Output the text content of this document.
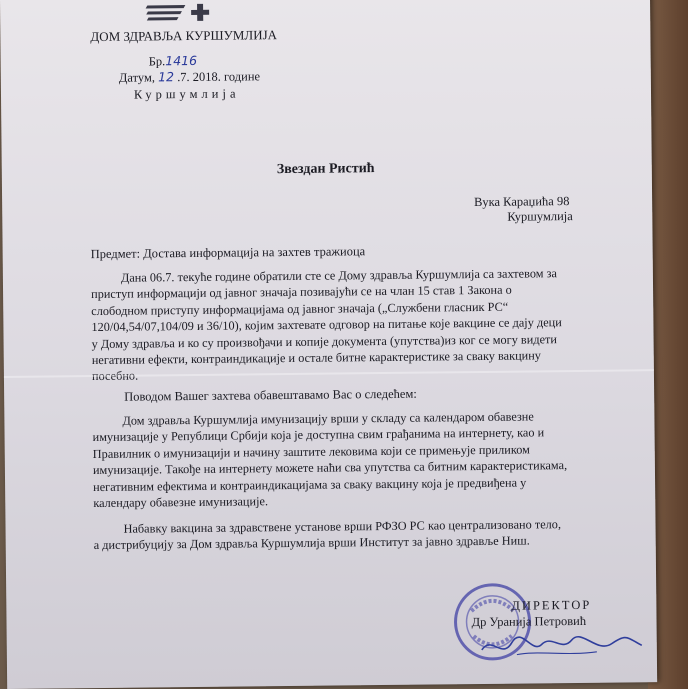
ДОМ ЗДРАВЉА КУРШУМЛИЈА
Бр.1416
Датум, 12 .7. 2018. године
Куршумлија
Звездан Ристић
Вука Караџића 98
Куршумлија
Предмет: Достава информација на захтев тражиоца
Дана 06.7. текуће године обратили сте се Дому здравља Куршумлија са захтевом за
приступ информацији од јавног значаја позивајући се на члан 15 став 1 Закона о
слободном приступу информацијама од јавног значаја („Службени гласник РС“
120/04,54/07,104/09 и 36/10), којим захтевате одговор на питање које вакцине се дају деци
у Дому здравља и ко су произвођачи и копије документа (упутства)из ког се могу видети
негативни ефекти, контраиндикације и остале битне карактеристике за сваку вакцину
посебно.
Поводом Вашег захтева обавештавамо Вас о следећем:
Дом здравља Куршумлија имунизацију врши у складу са календаром обавезне
имунизације у Републици Србији која је доступна свим грађанима на интернету, као и
Правилник о имунизацији и начину заштите лековима који се примењује приликом
имунизације. Такође на интернету можете наћи сва упутства са битним карактеристикама,
негативним ефектима и контраиндикацијама за сваку вакцину која је предвиђена у
календару обавезне имунизације.
Набавку вакцина за здравствене установе врши РФЗО РС као централизовано тело,
а дистрибуцију за Дом здравља Куршумлија врши Институт за јавно здравље Ниш.
ДИРЕКТОР
Др Ураниjа Петровић
